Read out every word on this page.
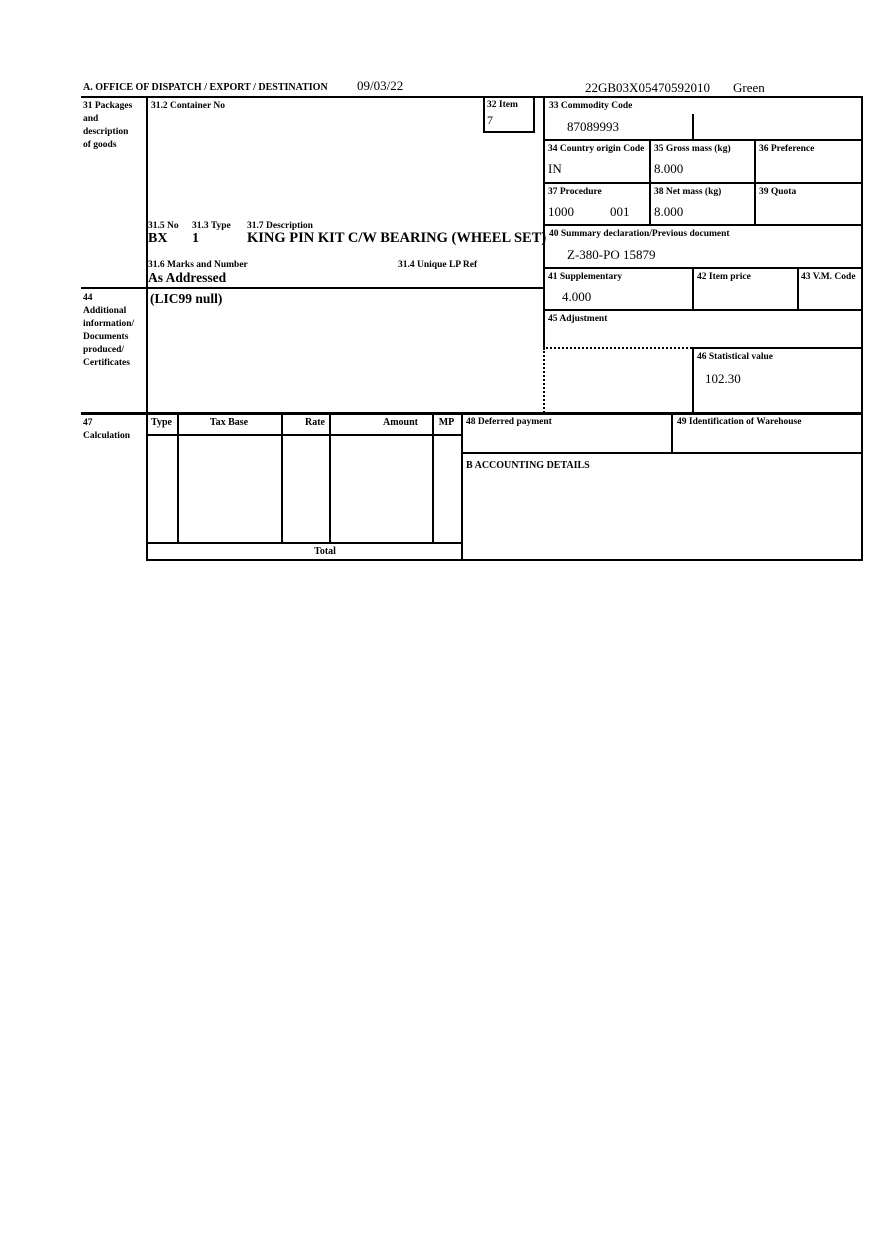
A. OFFICE OF DISPATCH / EXPORT / DESTINATION 09/03/22	22GB03X05470592010 Green
31 Packages
and
description
of goods
31.2 Container No	32 Item
7
31.5 No 31.3 Type 31.7 Description
BX 1	KING PIN KIT C/W BEARING (WHEEL SET)
31.6 Marks and Number	31.4 Unique LP Ref
As Addressed
33 Commodity Code
87089993
34 Country origin Code
IN
35 Gross mass (kg)
8.000
36 Preference
37 Procedure
1000	001
38 Net mass (kg)
8.000
39 Quota
40 Summary declaration/Previous document
Z-380-PO 15879
41 Supplementary
4.000
42 Item price	43 V.M. Code
45 Adjustment
46 Statistical value
102.30
44
Additional
information/
Documents
produced/
Certificates
(LIC99 null)
47
Calculation
Type	Tax Base	Rate	Amount	MP
Total
48 Deferred payment	49 Identification of Warehouse
B ACCOUNTING DETAILS
